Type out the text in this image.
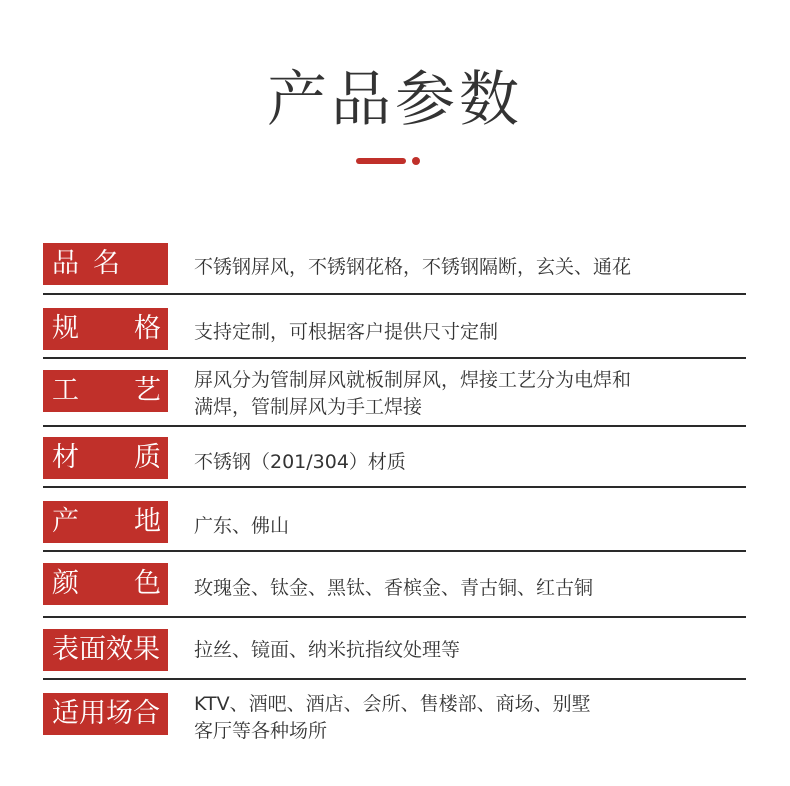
产品参数
品名	不锈钢屏风，不锈钢花格，不锈钢隔断，玄关、通花
规 格 支持定制，可根据客户提供尺寸定制
工 艺 屏风分为管制屏风就板制屏风，焊接工艺分为电焊和
满焊，管制屏风为手工焊接
材 质 不锈钢（201/304）材质
产 地 广东、佛山
颜 色 玫瑰金、钛金、黑钛、香槟金、青古铜、红古铜
表面效果	拉丝、镜面、纳米抗指纹处理等
适用场合	KTV、酒吧、酒店、会所、售楼部、商场、别墅
客厅等各种场所
